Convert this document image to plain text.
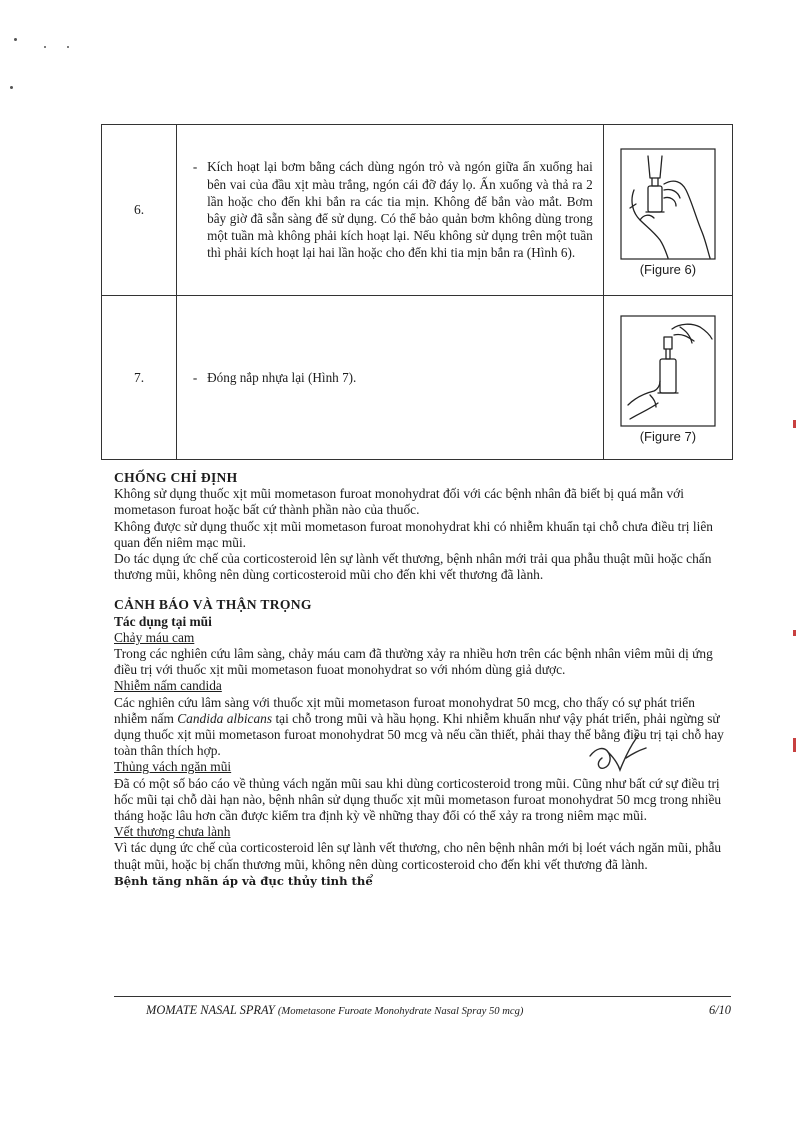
6.	- Kích hoạt lại bơm bằng cách dùng ngón trỏ và ngón giữa ấn xuống hai bên vai của đầu xịt màu trắng, ngón cái đỡ đáy lọ. Ấn xuống và thả ra 2 lần hoặc cho đến khi bắn ra các tia mịn. Không để bắn vào mắt. Bơm bây giờ đã sẵn sàng để sử dụng. Có thể bảo quản bơm không dùng trong một tuần mà không phải kích hoạt lại. Nếu không sử dụng trên một tuần thì phải kích hoạt lại hai lần hoặc cho đến khi tia mịn bắn ra (Hình 6).	(Figure 6)

7.	- Đóng nắp nhựa lại (Hình 7).	(Figure 7)

CHỐNG CHỈ ĐỊNH

Không sử dụng thuốc xịt mũi mometason furoat monohydrat đối với các bệnh nhân đã biết bị quá mẫn với mometason furoat hoặc bất cứ thành phần nào của thuốc.

Không được sử dụng thuốc xịt mũi mometason furoat monohydrat khi có nhiễm khuẩn tại chỗ chưa điều trị liên quan đến niêm mạc mũi.

Do tác dụng ức chế của corticosteroid lên sự lành vết thương, bệnh nhân mới trải qua phẫu thuật mũi hoặc chấn thương mũi, không nên dùng corticosteroid mũi cho đến khi vết thương đã lành.

CẢNH BÁO VÀ THẬN TRỌNG

Tác dụng tại mũi

Chảy máu cam

Trong các nghiên cứu lâm sàng, chảy máu cam đã thường xảy ra nhiều hơn trên các bệnh nhân viêm mũi dị ứng điều trị với thuốc xịt mũi mometason fuoat monohydrat so với nhóm dùng giả dược.

Nhiễm nấm candida

Các nghiên cứu lâm sàng với thuốc xịt mũi mometason furoat monohydrat 50 mcg, cho thấy có sự phát triển nhiễm nấm Candida albicans tại chỗ trong mũi và hầu họng. Khi nhiễm khuẩn như vậy phát triển, phải ngừng sử dụng thuốc xịt mũi mometason furoat monohydrat 50 mcg và nếu cần thiết, phải thay thế bằng điều trị tại chỗ hay toàn thân thích hợp.

Thủng vách ngăn mũi

Đã có một số báo cáo về thủng vách ngăn mũi sau khi dùng corticosteroid trong mũi. Cũng như bất cứ sự điều trị hốc mũi tại chỗ dài hạn nào, bệnh nhân sử dụng thuốc xịt mũi mometason furoat monohydrat 50 mcg trong nhiều tháng hoặc lâu hơn cần được kiểm tra định kỳ về những thay đổi có thể xảy ra trong niêm mạc mũi.

Vết thương chưa lành

Vì tác dụng ức chế của corticosteroid lên sự lành vết thương, cho nên bệnh nhân mới bị loét vách ngăn mũi, phẫu thuật mũi, hoặc bị chấn thương mũi, không nên dùng corticosteroid cho đến khi vết thương đã lành.

Bệnh tăng nhãn áp và đục thủy tinh thể

MOMATE NASAL SPRAY (Mometasone Furoate Monohydrate Nasal Spray 50 mcg)	6/10
